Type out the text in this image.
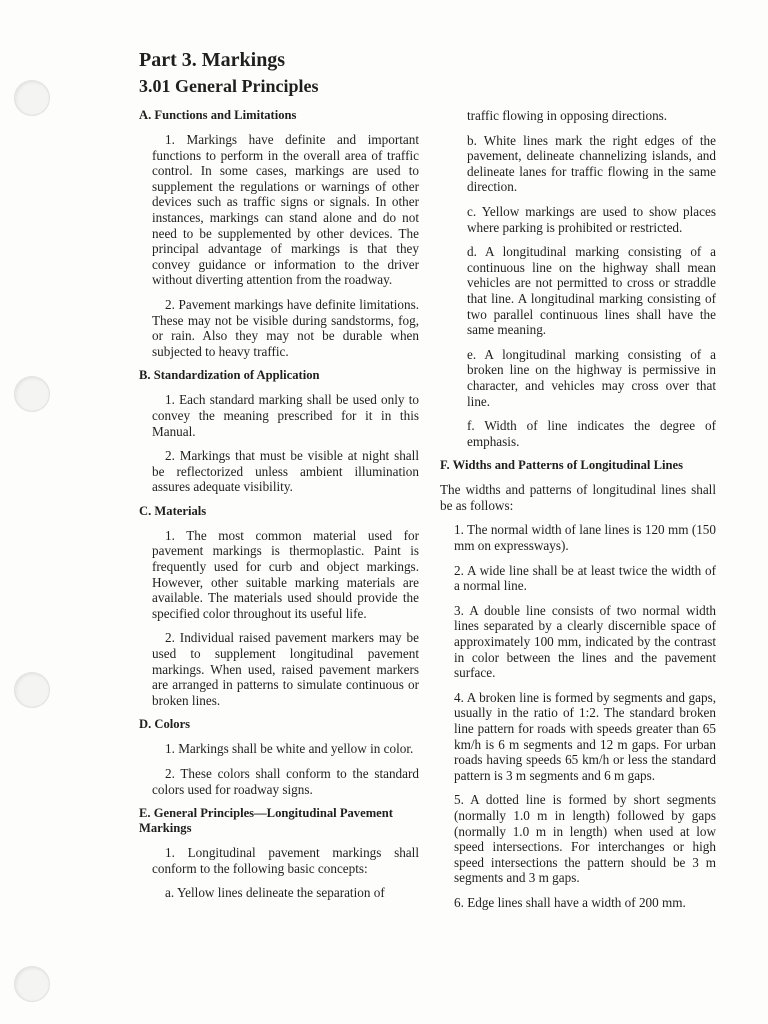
Part 3. Markings
3.01 General Principles
A. Functions and Limitations

1. Markings have definite and important functions to perform in the overall area of traffic control. In some cases, markings are used to supplement the regulations or warnings of other devices such as traffic signs or signals. In other instances, markings can stand alone and do not need to be supplemented by other devices. The principal advantage of markings is that they convey guidance or information to the driver without diverting attention from the roadway.

2. Pavement markings have definite limitations. These may not be visible during sandstorms, fog, or rain. Also they may not be durable when subjected to heavy traffic.

B. Standardization of Application

1. Each standard marking shall be used only to convey the meaning prescribed for it in this Manual.

2. Markings that must be visible at night shall be reflectorized unless ambient illumination assures adequate visibility.

C. Materials

1. The most common material used for pavement markings is thermoplastic. Paint is frequently used for curb and object markings. However, other suitable marking materials are available. The materials used should provide the specified color throughout its useful life.

2. Individual raised pavement markers may be used to supplement longitudinal pavement markings. When used, raised pavement markers are arranged in patterns to simulate continuous or broken lines.

D. Colors

1. Markings shall be white and yellow in color.

2. These colors shall conform to the standard colors used for roadway signs.

E. General Principles—Longitudinal Pavement Markings

1. Longitudinal pavement markings shall conform to the following basic concepts:

a. Yellow lines delineate the separation of

traffic flowing in opposing directions.

b. White lines mark the right edges of the pavement, delineate channelizing islands, and delineate lanes for traffic flowing in the same direction.

c. Yellow markings are used to show places where parking is prohibited or restricted.

d. A longitudinal marking consisting of a continuous line on the highway shall mean vehicles are not permitted to cross or straddle that line. A longitudinal marking consisting of two parallel continuous lines shall have the same meaning.

e. A longitudinal marking consisting of a broken line on the highway is permissive in character, and vehicles may cross over that line.

f. Width of line indicates the degree of emphasis.

F. Widths and Patterns of Longitudinal Lines

The widths and patterns of longitudinal lines shall be as follows:

1. The normal width of lane lines is 120 mm (150 mm on expressways).

2. A wide line shall be at least twice the width of a normal line.

3. A double line consists of two normal width lines separated by a clearly discernible space of approximately 100 mm, indicated by the contrast in color between the lines and the pavement surface.

4. A broken line is formed by segments and gaps, usually in the ratio of 1:2. The standard broken line pattern for roads with speeds greater than 65 km/h is 6 m segments and 12 m gaps. For urban roads having speeds 65 km/h or less the standard pattern is 3 m segments and 6 m gaps.

5. A dotted line is formed by short segments (normally 1.0 m in length) followed by gaps (normally 1.0 m in length) when used at low speed intersections. For interchanges or high speed intersections the pattern should be 3 m segments and 3 m gaps.

6. Edge lines shall have a width of 200 mm.
